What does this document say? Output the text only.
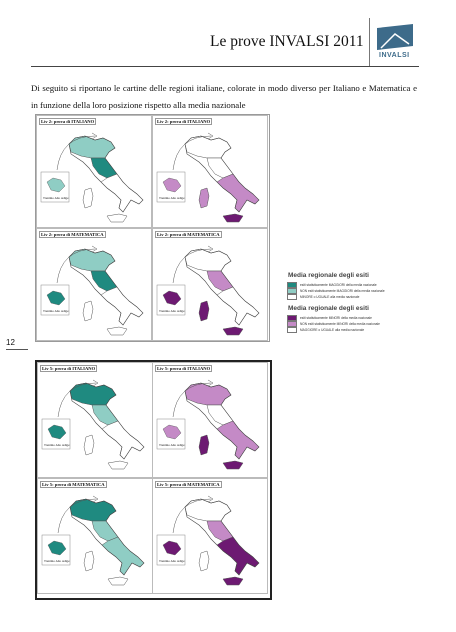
Le prove INVALSI 2011
INVALSI
Di seguito si riportano le cartine delle regioni italiane, colorate in modo diverso per Italiano e Matematica e in funzione della loro posizione rispetto alla media nazionale
12
Liv 2: prova di ITALIANO
Trentino Alto Adige
Liv 2: prova di ITALIANO
Trentino Alto Adige
Liv 2: prova di MATEMATICA
Trentino Alto Adige
Liv 2: prova di MATEMATICA
Trentino Alto Adige
Liv 5: prova di ITALIANO
Trentino Alto Adige
Liv 5: prova di ITALIANO
Trentino Alto Adige
Liv 5: prova di MATEMATICA
Trentino Alto Adige
Liv 5: prova di MATEMATICA
Trentino Alto Adige
Media regionale degli esiti
esiti statisticamente MAGGIORI della media nazionale
NON esiti statisticamente MAGGIORI della media nazionale
MINORE o UGUALE alla media nazionale
Media regionale degli esiti
esiti statisticamente MINORI della media nazionale
NON esiti statisticamente MINORI della media nazionale
MAGGIORE o UGUALE alla media nazionale
